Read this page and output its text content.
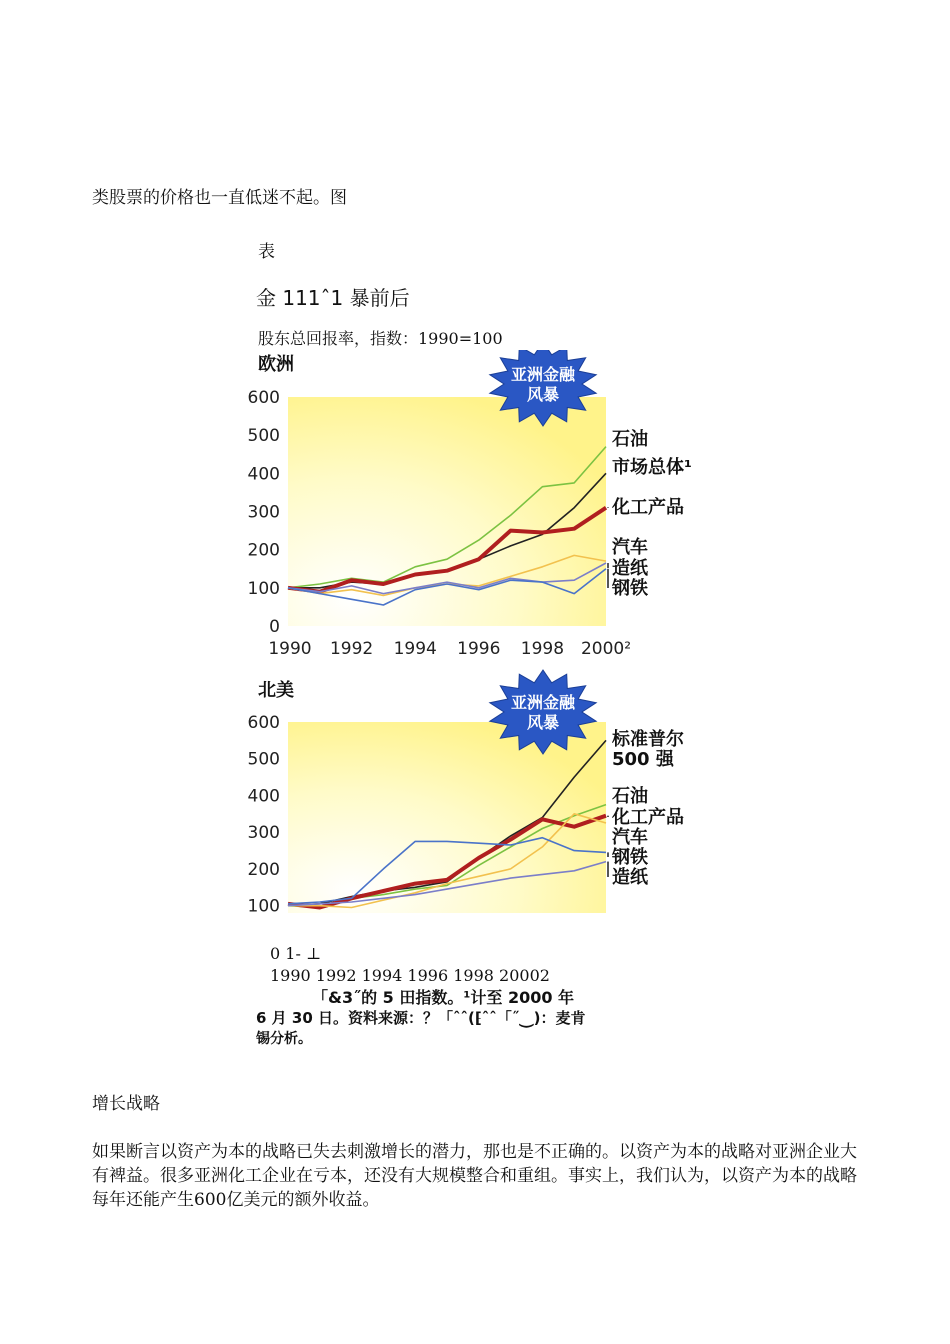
类股票的价格也一直低迷不起。图
表
金 111ˆ1 暴前后
股东总回报率，指数：1990=100
欧洲
0
100
200
300
400
500
600
1990 1992 1994 1996 1998 2000²
石油
市场总体¹
化工产品
汽车
造纸
钢铁
亚洲金融
风暴
北美
100
200
300
400
500
600
标准普尔
500 强
石油
化工产品
汽车
钢铁
造纸
亚洲金融
风暴
0 1- ⊥
1990 1992 1994 1996 1998 20002
「&3˝的 5 田指数。¹计至 2000 年
6 月 30 日。资料来源：？「ˆˆ(⁅ˆˆ「˝⏝)：麦肯
锡分析。
增长战略
如果断言以资产为本的战略已失去刺激增长的潜力，那也是不正确的。以资产为本的战略对亚洲企业大有裨益。很多亚洲化工企业在亏本，还没有大规模整合和重组。事实上，我们认为，以资产为本的战略每年还能产生600亿美元的额外收益。
